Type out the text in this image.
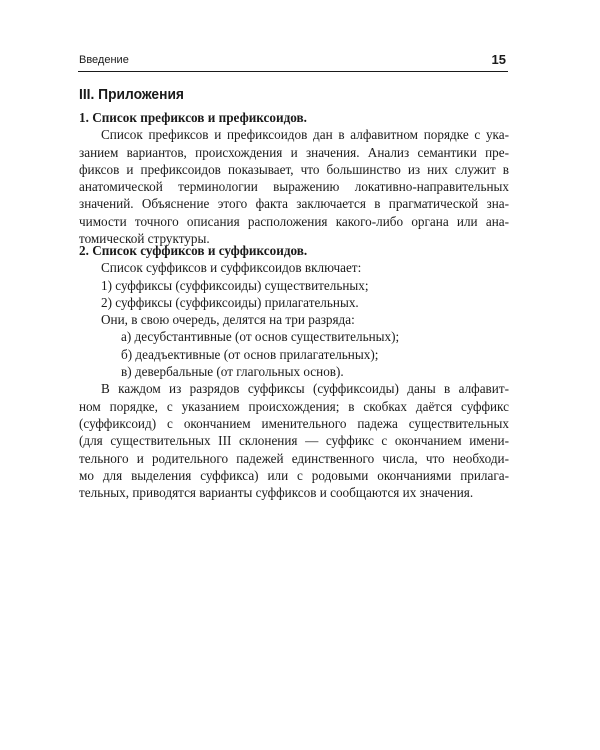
Введение	15
III. Приложения
1. Список префиксов и префиксоидов.
Список префиксов и префиксоидов дан в алфавитном порядке с ука-
занием вариантов, происхождения и значения. Анализ семантики пре-
фиксов и префиксоидов показывает, что большинство из них служит в
анатомической терминологии выражению локативно-направительных
значений. Объяснение этого факта заключается в прагматической зна-
чимости точного описания расположения какого-либо органа или ана-
томической структуры.
2. Список суффиксов и суффиксоидов.
Список суффиксов и суффиксоидов включает:
1) суффиксы (суффиксоиды) существительных;
2) суффиксы (суффиксоиды) прилагательных.
Они, в свою очередь, делятся на три разряда:
а) десубстантивные (от основ существительных);
б) деадъективные (от основ прилагательных);
в) девербальные (от глагольных основ).
В каждом из разрядов суффиксы (суффиксоиды) даны в алфавит-
ном порядке, с указанием происхождения; в скобках даётся суффикс
(суффиксоид) с окончанием именительного падежа существительных
(для существительных III склонения — суффикс с окончанием имени-
тельного и родительного падежей единственного числа, что необходи-
мо для выделения суффикса) или с родовыми окончаниями прилага-
тельных, приводятся варианты суффиксов и сообщаются их значения.
